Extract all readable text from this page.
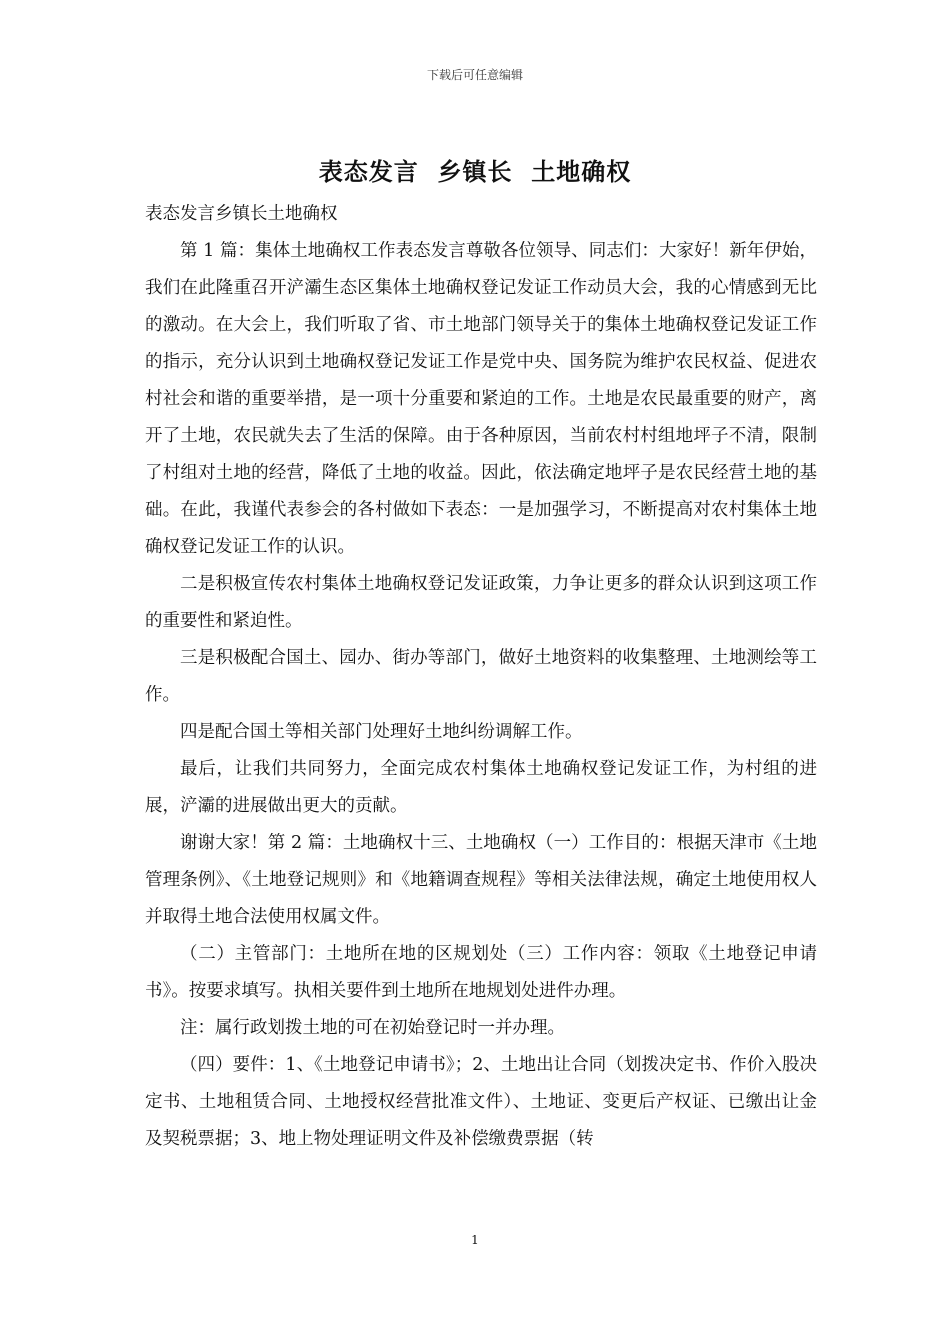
下载后可任意编辑
表态发言  乡镇长  土地确权

表态发言乡镇长土地确权

第 1 篇：集体土地确权工作表态发言尊敬各位领导、同志们：大家好！新年伊始，我们在此隆重召开浐灞生态区集体土地确权登记发证工作动员大会，我的心情感到无比的激动。在大会上，我们听取了省、市土地部门领导关于的集体土地确权登记发证工作的指示，充分认识到土地确权登记发证工作是党中央、国务院为维护农民权益、促进农村社会和谐的重要举措，是一项十分重要和紧迫的工作。土地是农民最重要的财产，离开了土地，农民就失去了生活的保障。由于各种原因，当前农村村组地坪子不清，限制了村组对土地的经营，降低了土地的收益。因此，依法确定地坪子是农民经营土地的基础。在此，我谨代表参会的各村做如下表态：一是加强学习，不断提高对农村集体土地确权登记发证工作的认识。

二是积极宣传农村集体土地确权登记发证政策，力争让更多的群众认识到这项工作的重要性和紧迫性。

三是积极配合国土、园办、街办等部门，做好土地资料的收集整理、土地测绘等工作。

四是配合国土等相关部门处理好土地纠纷调解工作。

最后，让我们共同努力，全面完成农村集体土地确权登记发证工作，为村组的进展，浐灞的进展做出更大的贡献。

谢谢大家！第 2 篇：土地确权十三、土地确权（一）工作目的：根据天津市《土地管理条例》、《土地登记规则》和《地籍调查规程》等相关法律法规，确定土地使用权人并取得土地合法使用权属文件。

（二）主管部门：土地所在地的区规划处（三）工作内容：领取《土地登记申请书》。按要求填写。执相关要件到土地所在地规划处进件办理。

注：属行政划拨土地的可在初始登记时一并办理。

（四）要件：1、《土地登记申请书》；2、土地出让合同（划拨决定书、作价入股决定书、土地租赁合同、土地授权经营批准文件）、土地证、变更后产权证、已缴出让金及契税票据；3、地上物处理证明文件及补偿缴费票据（转

1
